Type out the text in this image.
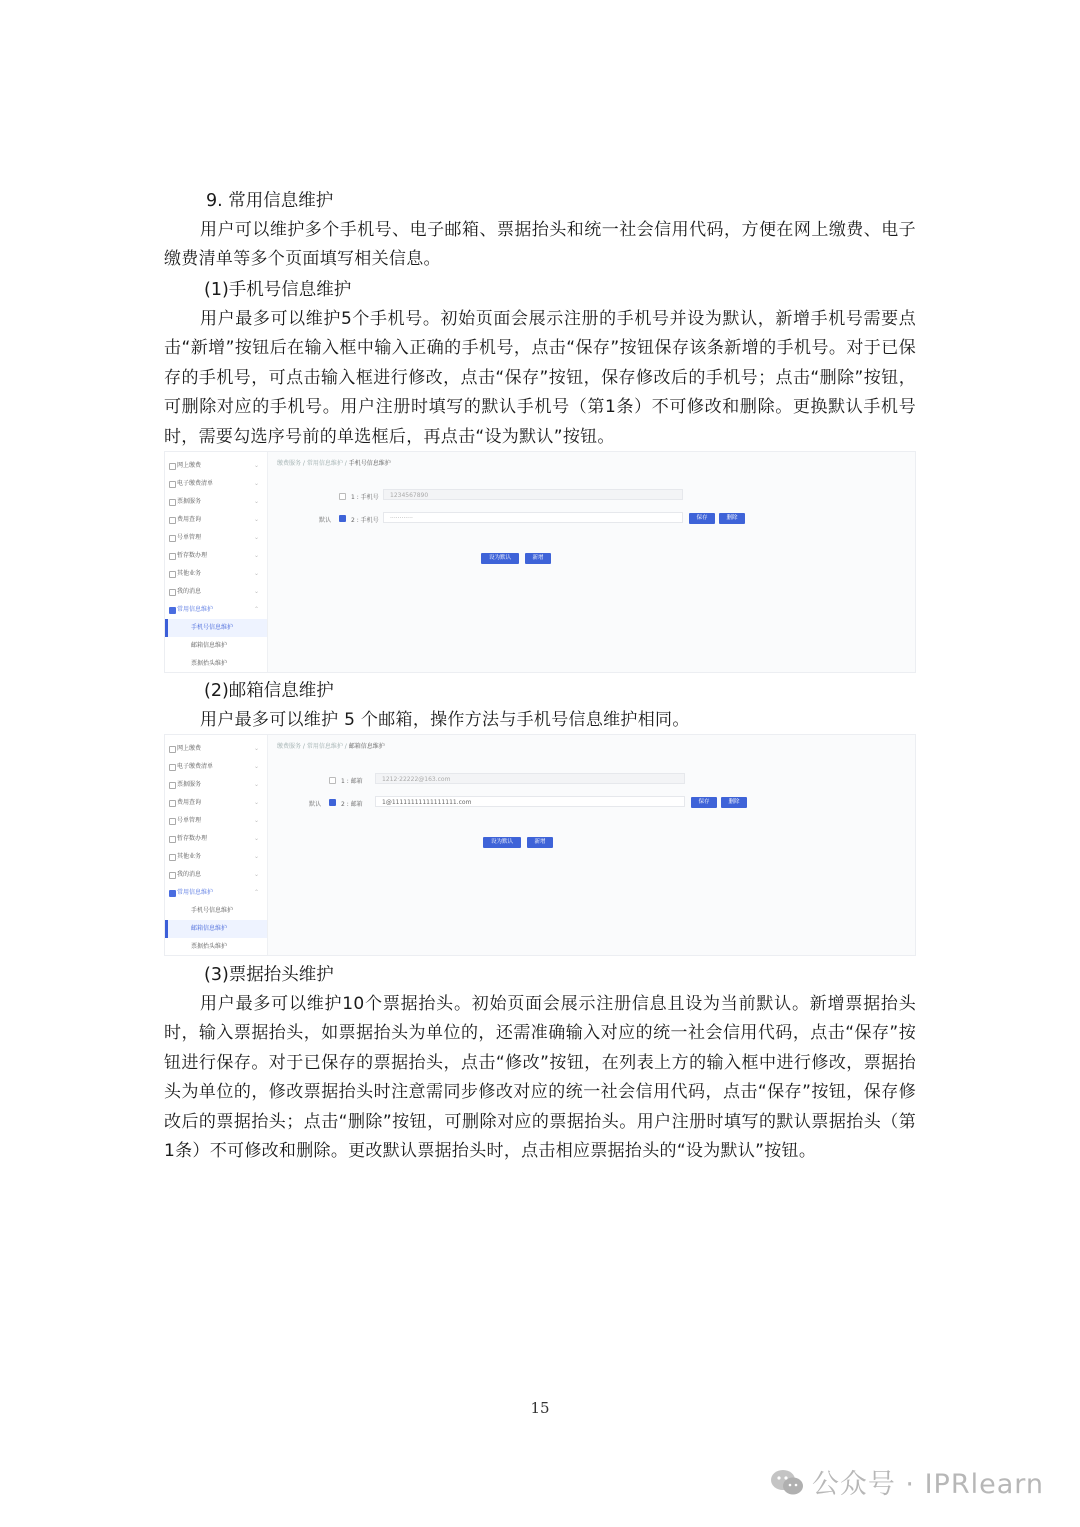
9. 常用信息维护

用户可以维护多个手机号、电子邮箱、票据抬头和统一社会信用代码，方便在网上缴费、电子缴费清单等多个页面填写相关信息。

(1)手机号信息维护

用户最多可以维护5个手机号。初始页面会展示注册的手机号并设为默认，新增手机号需要点击“新增”按钮后在输入框中输入正确的手机号，点击“保存”按钮保存该条新增的手机号。对于已保存的手机号，可点击输入框进行修改，点击“保存”按钮，保存修改后的手机号；点击“删除”按钮，可删除对应的手机号。用户注册时填写的默认手机号（第1条）不可修改和删除。更换默认手机号时，需要勾选序号前的单选框后，再点击“设为默认”按钮。

网上缴费	⌄
电子缴费清单	⌄
票据服务	⌄
费用查询	⌄
号单管理	⌄
暂存数办理	⌄
其他业务	⌄
我的消息	⌄
常用信息维护	⌃
手机号信息维护
邮箱信息维护
票据抬头维护
缴费服务 / 常用信息维护 / 手机号信息维护
1 : 手机号	1234567890
默认	2 : 手机号	············	保存	删除
设为默认	新增

(2)邮箱信息维护

用户最多可以维护 5 个邮箱，操作方法与手机号信息维护相同。

网上缴费	⌄
电子缴费清单	⌄
票据服务	⌄
费用查询	⌄
号单管理	⌄
暂存数办理	⌄
其他业务	⌄
我的消息	⌄
常用信息维护	⌃
手机号信息维护
邮箱信息维护
票据抬头维护
缴费服务 / 常用信息维护 / 邮箱信息维护
1 : 邮箱	1212·22222@163.com
默认	2 : 邮箱	1@11111111111111111.com	保存	删除
设为默认	新增

(3)票据抬头维护

用户最多可以维护10个票据抬头。初始页面会展示注册信息且设为当前默认。新增票据抬头时，输入票据抬头，如票据抬头为单位的，还需准确输入对应的统一社会信用代码，点击“保存”按钮进行保存。对于已保存的票据抬头，点击“修改”按钮，在列表上方的输入框中进行修改，票据抬头为单位的，修改票据抬头时注意需同步修改对应的统一社会信用代码，点击“保存”按钮，保存修改后的票据抬头；点击“删除”按钮，可删除对应的票据抬头。用户注册时填写的默认票据抬头（第1条）不可修改和删除。更改默认票据抬头时，点击相应票据抬头的“设为默认”按钮。

15
公众号 · IPRlearn
